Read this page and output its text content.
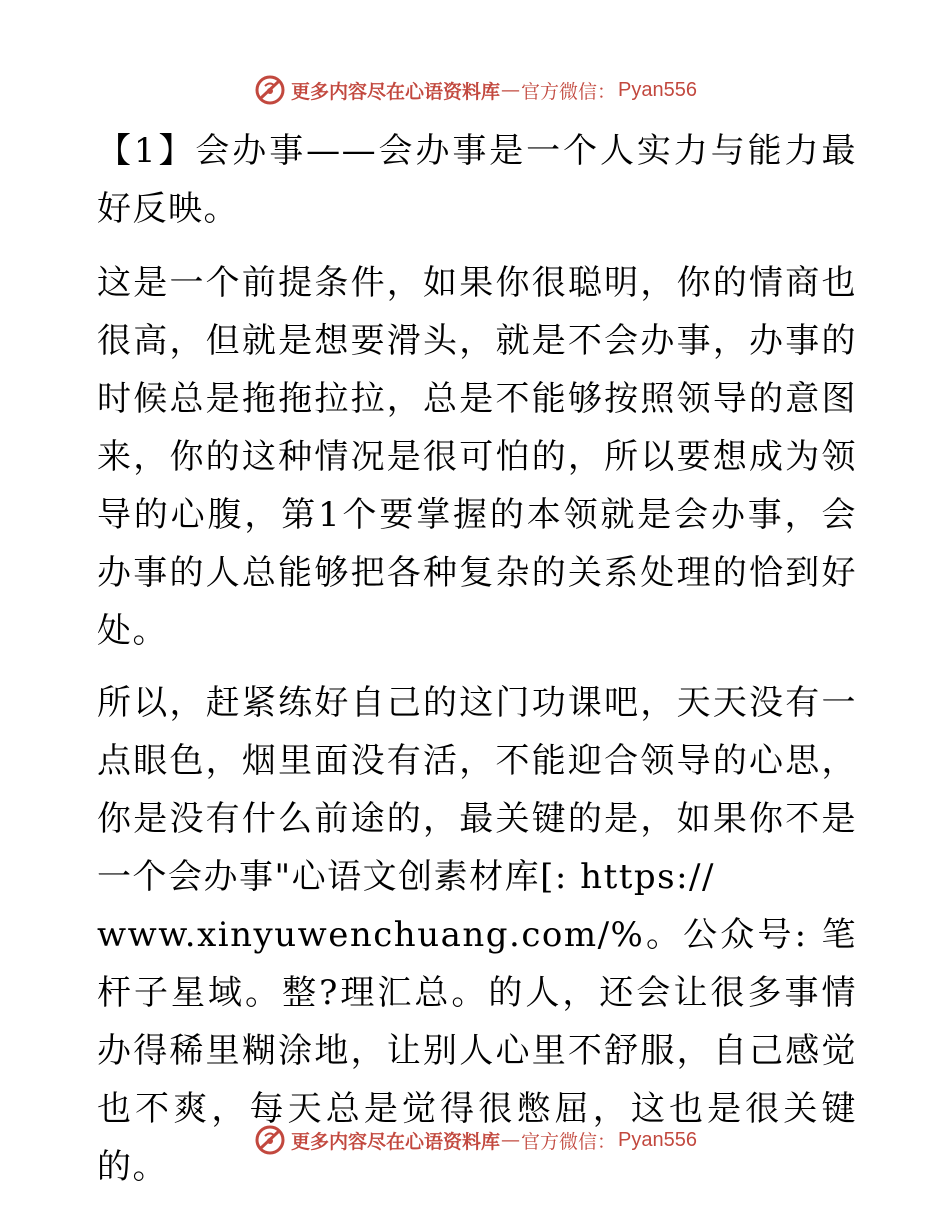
更多内容尽在心语资料库 — 官方微信： Pyan556

【1】会办事——会办事是一个人实力与能力最好反映。

这是一个前提条件，如果你很聪明，你的情商也很高，但就是想要滑头，就是不会办事，办事的时候总是拖拖拉拉，总是不能够按照领导的意图来，你的这种情况是很可怕的，所以要想成为领导的心腹，第1个要掌握的本领就是会办事，会办事的人总能够把各种复杂的关系处理的恰到好处。

所以，赶紧练好自己的这门功课吧，天天没有一点眼色，烟里面没有活，不能迎合领导的心思，你是没有什么前途的，最关键的是，如果你不是一个会办事"心语文创素材库[: https://
www.xinyuwenchuang.com/%。公众号: 笔杆子星域。整?理汇总。的人，还会让很多事情办得稀里糊涂地，让别人心里不舒服，自己感觉也不爽，每天总是觉得很憋屈，这也是很关键的。

更多内容尽在心语资料库 — 官方微信： Pyan556
